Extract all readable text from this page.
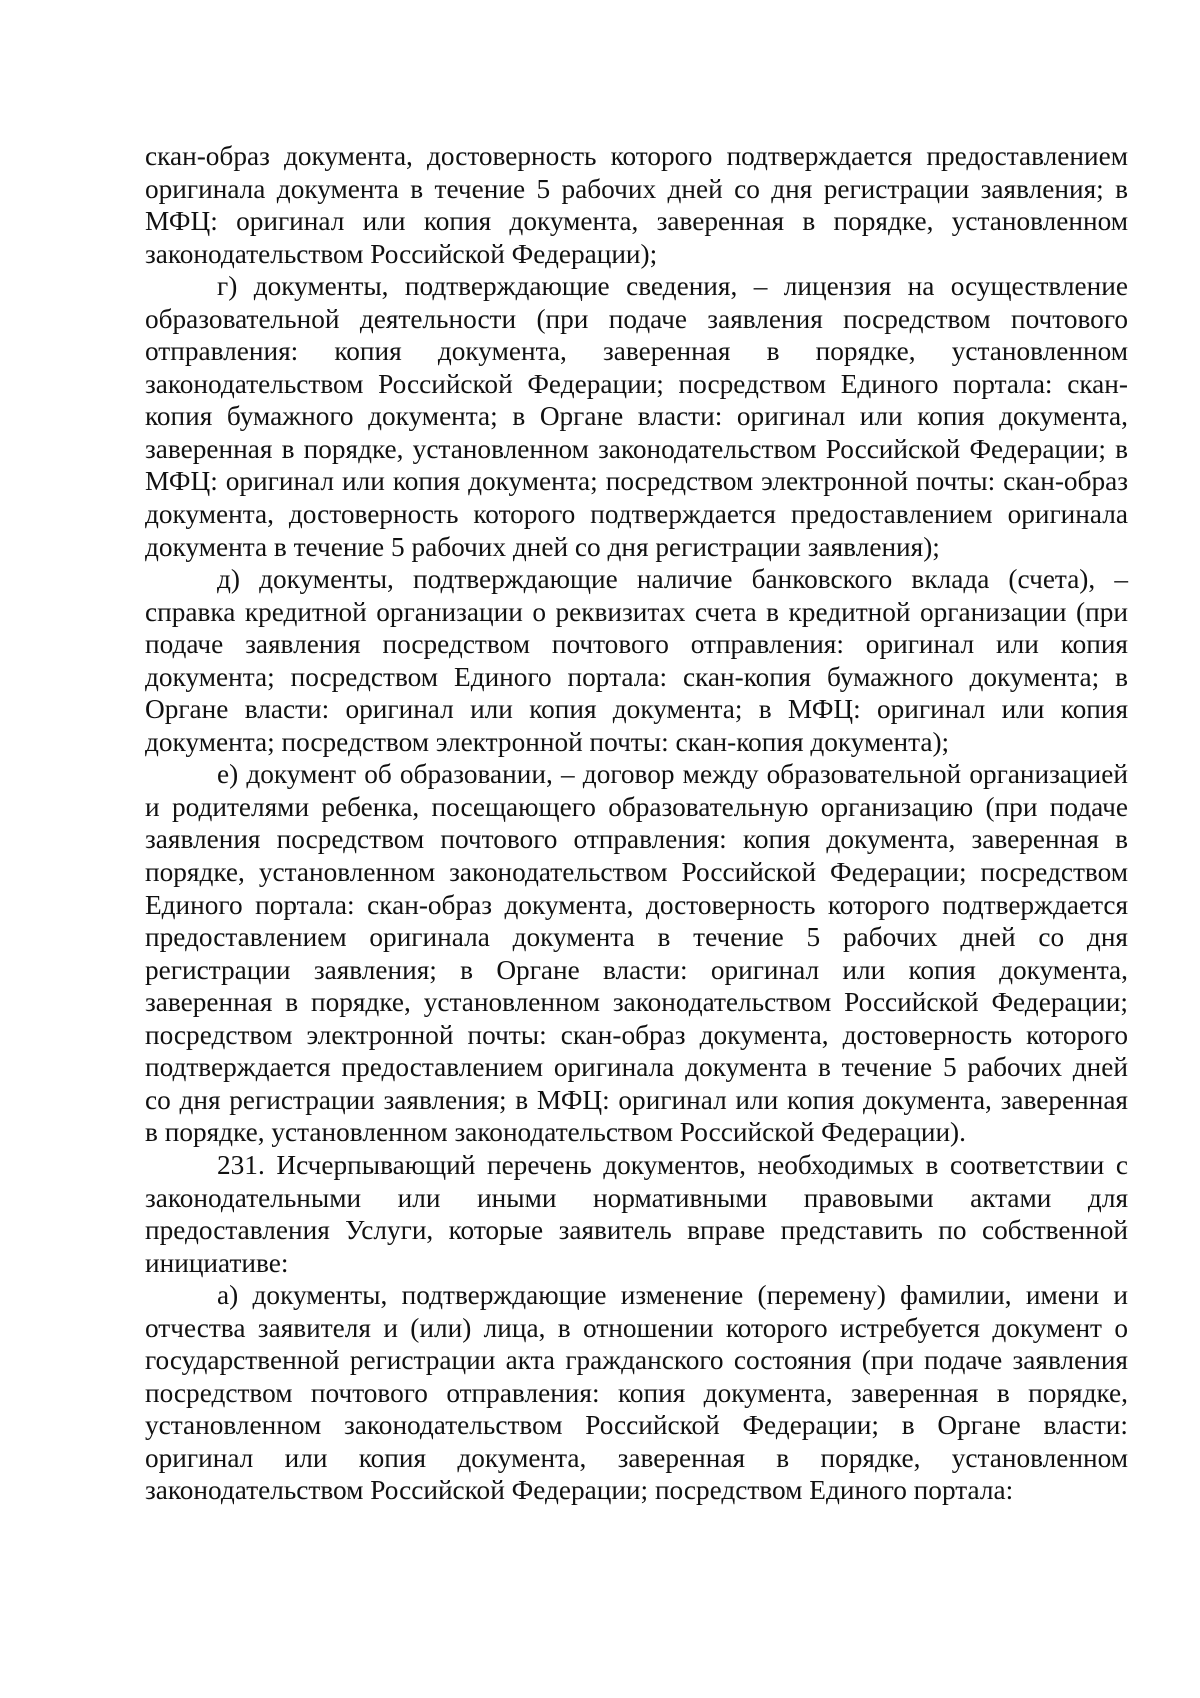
скан-образ документа, достоверность которого подтверждается предоставлением оригинала документа в течение 5 рабочих дней со дня регистрации заявления; в МФЦ: оригинал или копия документа, заверенная в порядке, установленном законодательством Российской Федерации);

г) документы, подтверждающие сведения, – лицензия на осуществление образовательной деятельности (при подаче заявления посредством почтового отправления: копия документа, заверенная в порядке, установленном законодательством Российской Федерации; посредством Единого портала: скан-копия бумажного документа; в Органе власти: оригинал или копия документа, заверенная в порядке, установленном законодательством Российской Федерации; в МФЦ: оригинал или копия документа; посредством электронной почты: скан-образ документа, достоверность которого подтверждается предоставлением оригинала документа в течение 5 рабочих дней со дня регистрации заявления);

д) документы, подтверждающие наличие банковского вклада (счета), – справка кредитной организации о реквизитах счета в кредитной организации (при подаче заявления посредством почтового отправления: оригинал или копия документа; посредством Единого портала: скан-копия бумажного документа; в Органе власти: оригинал или копия документа; в МФЦ: оригинал или копия документа; посредством электронной почты: скан-копия документа);

е) документ об образовании, – договор между образовательной организацией и родителями ребенка, посещающего образовательную организацию (при подаче заявления посредством почтового отправления: копия документа, заверенная в порядке, установленном законодательством Российской Федерации; посредством Единого портала: скан-образ документа, достоверность которого подтверждается предоставлением оригинала документа в течение 5 рабочих дней со дня регистрации заявления; в Органе власти: оригинал или копия документа, заверенная в порядке, установленном законодательством Российской Федерации; посредством электронной почты: скан-образ документа, достоверность которого подтверждается предоставлением оригинала документа в течение 5 рабочих дней со дня регистрации заявления; в МФЦ: оригинал или копия документа, заверенная в порядке, установленном законодательством Российской Федерации).

231. Исчерпывающий перечень документов, необходимых в соответствии с законодательными или иными нормативными правовыми актами для предоставления Услуги, которые заявитель вправе представить по собственной инициативе:

а) документы, подтверждающие изменение (перемену) фамилии, имени и отчества заявителя и (или) лица, в отношении которого истребуется документ о государственной регистрации акта гражданского состояния (при подаче заявления посредством почтового отправления: копия документа, заверенная в порядке, установленном законодательством Российской Федерации; в Органе власти: оригинал или копия документа, заверенная в порядке, установленном законодательством Российской Федерации; посредством Единого портала:
